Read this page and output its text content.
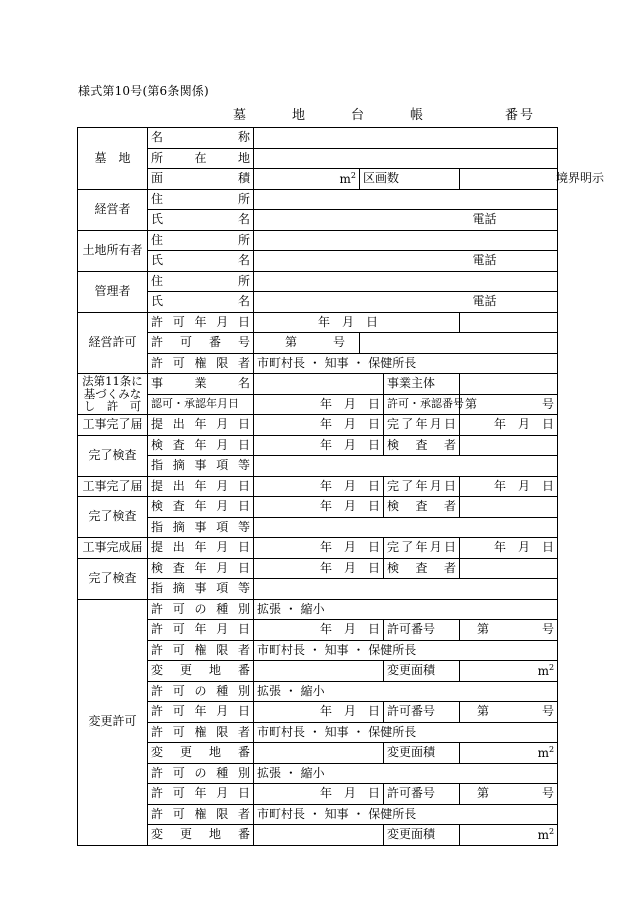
様式第10号(第6条関係)
墓地台帳	番号
墓　地	名　称					
	所在地					
	面　積	$m^2$	区画数		境界明示	
経営者	住　　所					
	氏　　名					電話
土地所有者	住　　所					
	氏　　名					電話
管理者	住　　所					
	氏　　名					電話
経営許可	許可年月日	年　月　日				
	許可番号	第 号				
	許可権限者	市町村長 ・ 知事 ・ 保健所長				

法第11条に
基づくみな
し　許　可	事業名			事業主体		
	認可・承認年月日	年　月　日		許可・承認番号	第 号	

工事完了届	提出年月日	年　月　日		完了年月日	年　月　日	
完了検査	検査年月日	年　月　日		検査者		
	指摘事項等					
工事完了届	提出年月日	年　月　日		完了年月日	年　月　日	
完了検査	検査年月日	年　月　日		検査者		
	指摘事項等					
工事完成届	提出年月日	年　月　日		完了年月日	年　月　日	
完了検査	検査年月日	年　月　日		検査者		
	指摘事項等					
変更許可	許可の種別	拡張 ・ 縮小				
	許可年月日	年　月　日		許可番号	第 号	

	許可権限者	市町村長 ・ 知事 ・ 保健所長				
	変更地番			変更面積	$m^2$
	許可の種別	拡張 ・ 縮小				
	許可年月日	年　月　日		許可番号	第 号	

	許可権限者	市町村長 ・ 知事 ・ 保健所長				
	変更地番			変更面積	$m^2$
	許可の種別	拡張 ・ 縮小				
	許可年月日	年　月　日		許可番号	第 号	

	許可権限者	市町村長 ・ 知事 ・ 保健所長				
	変更地番			変更面積	$m^2$
